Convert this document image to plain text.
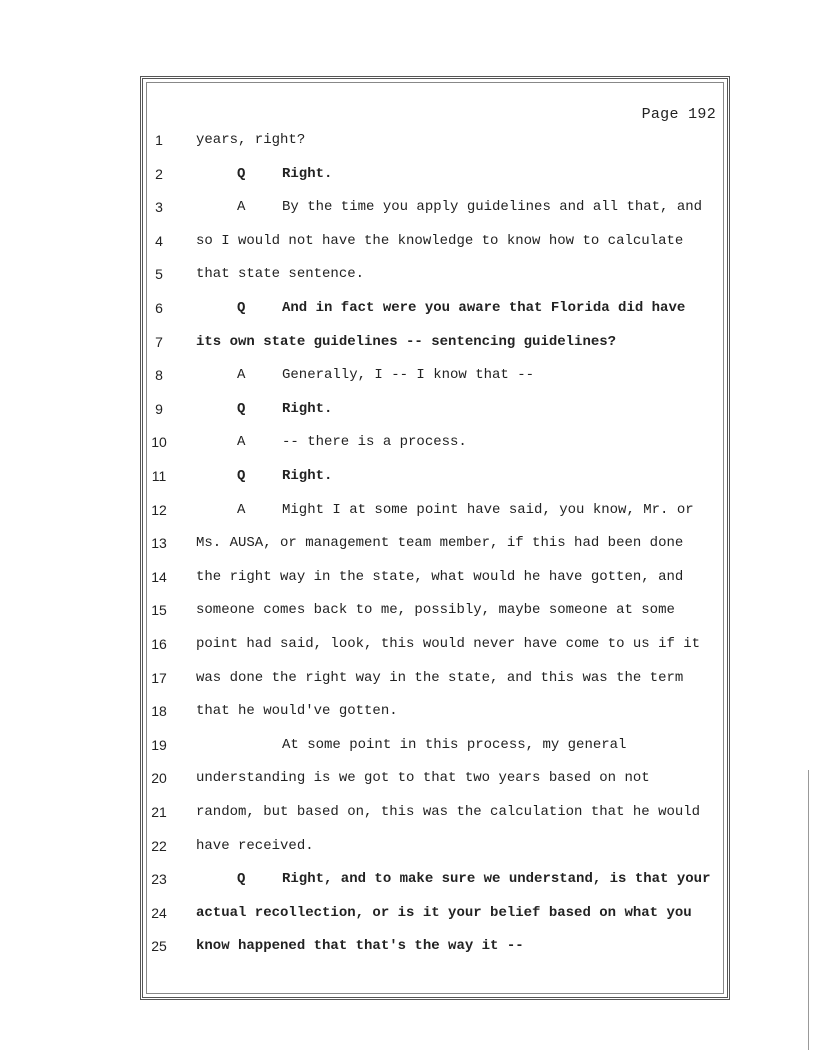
Page 192
1	years, right?
2	Q	Right.
3	A	By the time you apply guidelines and all that, and
4	so I would not have the knowledge to know how to calculate
5	that state sentence.
6	Q	And in fact were you aware that Florida did have
7	its own state guidelines -- sentencing guidelines?
8	A	Generally, I -- I know that --
9	Q	Right.
10	A	-- there is a process.
11	Q	Right.
12	A	Might I at some point have said, you know, Mr. or
13 Ms. AUSA, or management team member, if this had been done
14 the right way in the state, what would he have gotten, and
15 someone comes back to me, possibly, maybe someone at some
16 point had said, look, this would never have come to us if it
17 was done the right way in the state, and this was the term
18 that he would've gotten.
19	At some point in this process, my general
20 understanding is we got to that two years based on not
21 random, but based on, this was the calculation that he would
22 have received.
23	Q	Right, and to make sure we understand, is that your
24 actual recollection, or is it your belief based on what you
25 know happened that that's the way it --
